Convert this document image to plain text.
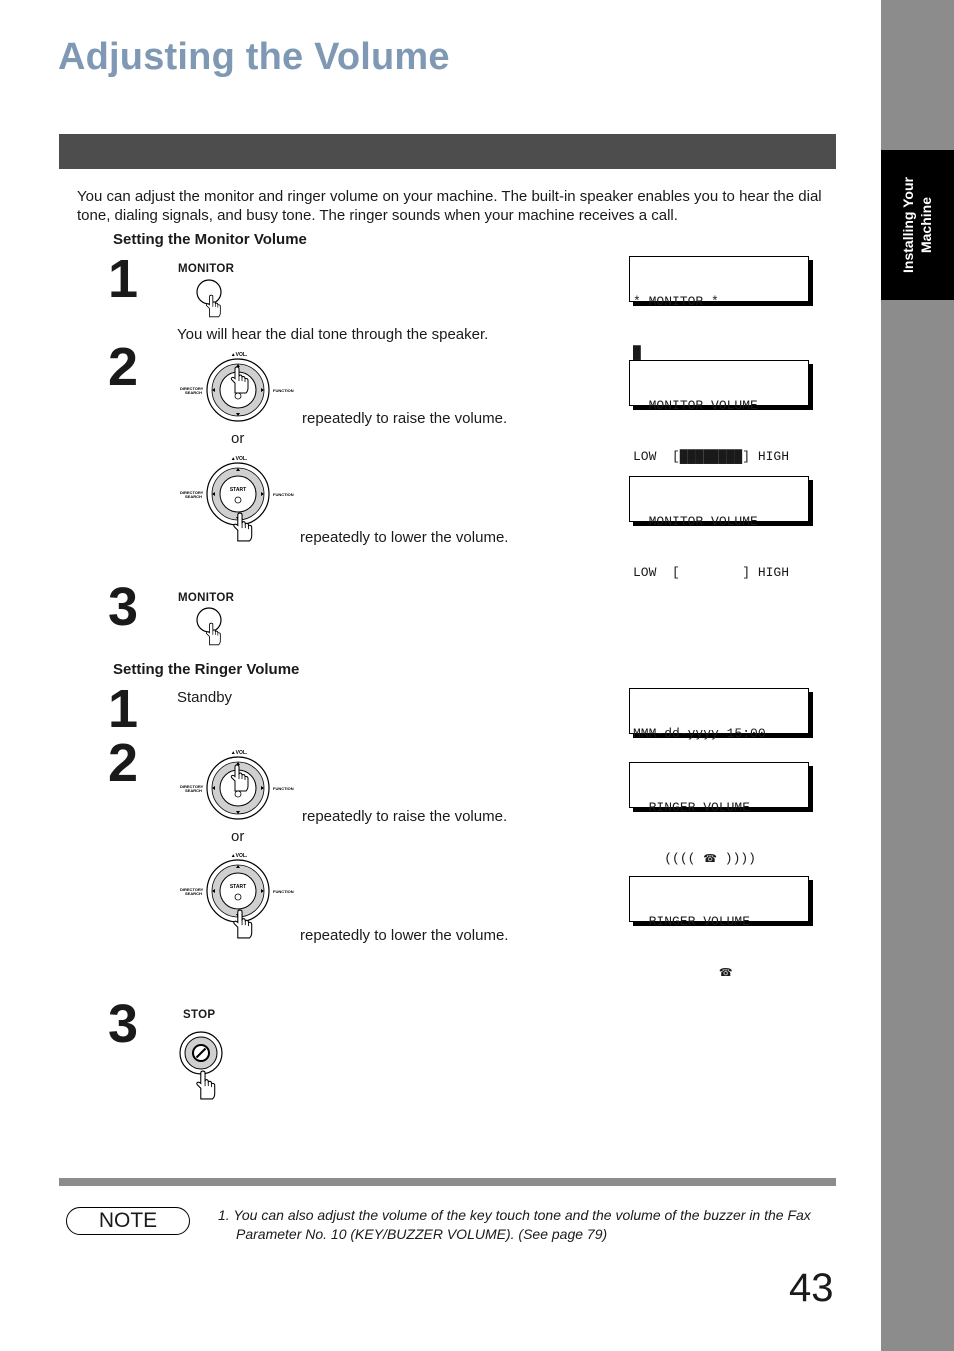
Installing Your Machine
Adjusting the Volume
You can adjust the monitor and ringer volume on your machine. The built-in speaker enables you to hear the dial tone, dialing signals, and busy tone. The ringer sounds when your machine receives a call.
Setting the Monitor Volume
1	MONITOR

* MONITOR *

█

You will hear the dial tone through the speaker.
2	▲VOL.
DIRECTORY
SEARCH	FUNCTION
repeatedly to raise the volume.
or

MONITOR VOLUME

LOW  [████████] HIGH

▲VOL.
DIRECTORY
SEARCH	FUNCTION
START
repeatedly to lower the volume.

MONITOR VOLUME

LOW  [        ] HIGH

3	MONITOR
Setting the Ringer Volume
1	Standby

MMM-dd-yyyy 15:00

2	▲VOL.
DIRECTORY
SEARCH	FUNCTION
repeatedly to raise the volume.
or

RINGER VOLUME

(((( ☎ ))))

▲VOL.
DIRECTORY
SEARCH	FUNCTION
START
repeatedly to lower the volume.

RINGER VOLUME

☎

3	STOP
NOTE	1. You can also adjust the volume of the key touch tone and the volume of the buzzer in the Fax Parameter No. 10 (KEY/BUZZER VOLUME). (See page 79)
43
